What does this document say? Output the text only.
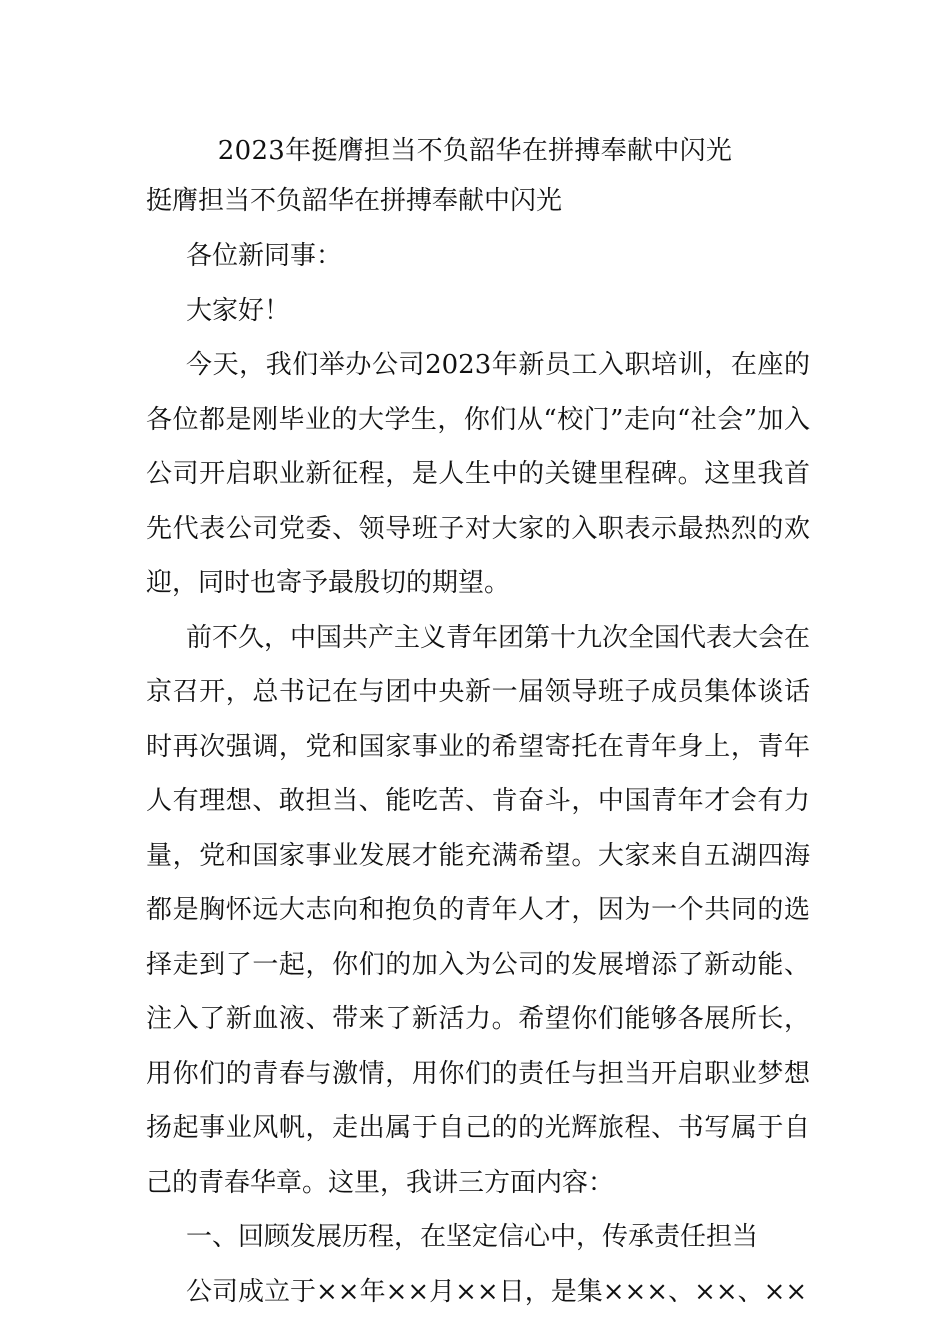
2023年挺膺担当不负韶华在拼搏奉献中闪光
挺膺担当不负韶华在拼搏奉献中闪光

各位新同事：

大家好！

今天，我们举办公司2023年新员工入职培训，在座的各位都是刚毕业的大学生，你们从“校门”走向“社会”加入公司开启职业新征程，是人生中的关键里程碑。这里我首先代表公司党委、领导班子对大家的入职表示最热烈的欢迎，同时也寄予最殷切的期望。

前不久，中国共产主义青年团第十九次全国代表大会在京召开，总书记在与团中央新一届领导班子成员集体谈话时再次强调，党和国家事业的希望寄托在青年身上，青年人有理想、敢担当、能吃苦、肯奋斗，中国青年才会有力量，党和国家事业发展才能充满希望。大家来自五湖四海都是胸怀远大志向和抱负的青年人才，因为一个共同的选择走到了一起，你们的加入为公司的发展增添了新动能、注入了新血液、带来了新活力。希望你们能够各展所长，用你们的青春与激情，用你们的责任与担当开启职业梦想扬起事业风帆，走出属于自己的的光辉旅程、书写属于自己的青春华章。这里，我讲三方面内容：

一、回顾发展历程，在坚定信心中，传承责任担当

公司成立于××年××月××日，是集×××、××、××
